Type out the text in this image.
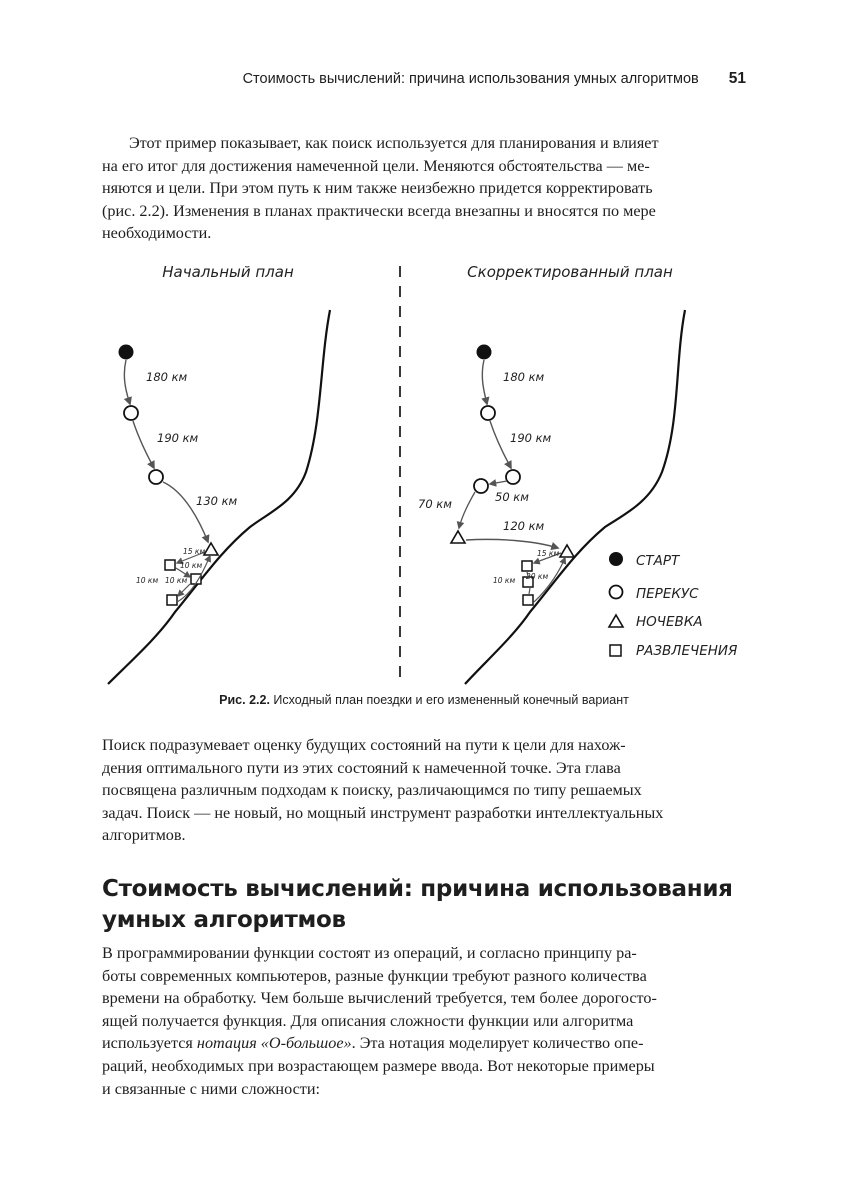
Стоимость вычислений: причина использования умных алгоритмов 51

Этот пример показывает, как поиск используется для планирования и влияет
на его итог для достижения намеченной цели. Меняются обстоятельства — ме-
няются и цели. При этом путь к ним также неизбежно придется корректировать
(рис. 2.2). Изменения в планах практически всегда внезапны и вносятся по мере
необходимости.

Начальный план	Скорректированный план
180 км
190 км
130 км
15 км
10 км
10 км 10 км
180 км
190 км
50 км
70 км
120 км
15 км
10 км 20 км
СТАРТ
ПЕРЕКУС
НОЧЕВКА
РАЗВЛЕЧЕНИЯ
Рис. 2.2. Исходный план поездки и его измененный конечный вариант

Поиск подразумевает оценку будущих состояний на пути к цели для нахож-
дения оптимального пути из этих состояний к намеченной точке. Эта глава
посвящена различным подходам к поиску, различающимся по типу решаемых
задач. Поиск — не новый, но мощный инструмент разработки интеллектуальных
алгоритмов.

Стоимость вычислений: причина использования
умных алгоритмов

В программировании функции состоят из операций, и согласно принципу ра-
боты современных компьютеров, разные функции требуют разного количества
времени на обработку. Чем больше вычислений требуется, тем более дорогосто-
ящей получается функция. Для описания сложности функции или алгоритма
используется нотация «О-большое». Эта нотация моделирует количество опе-
раций, необходимых при возрастающем размере ввода. Вот некоторые примеры
и связанные с ними сложности:
